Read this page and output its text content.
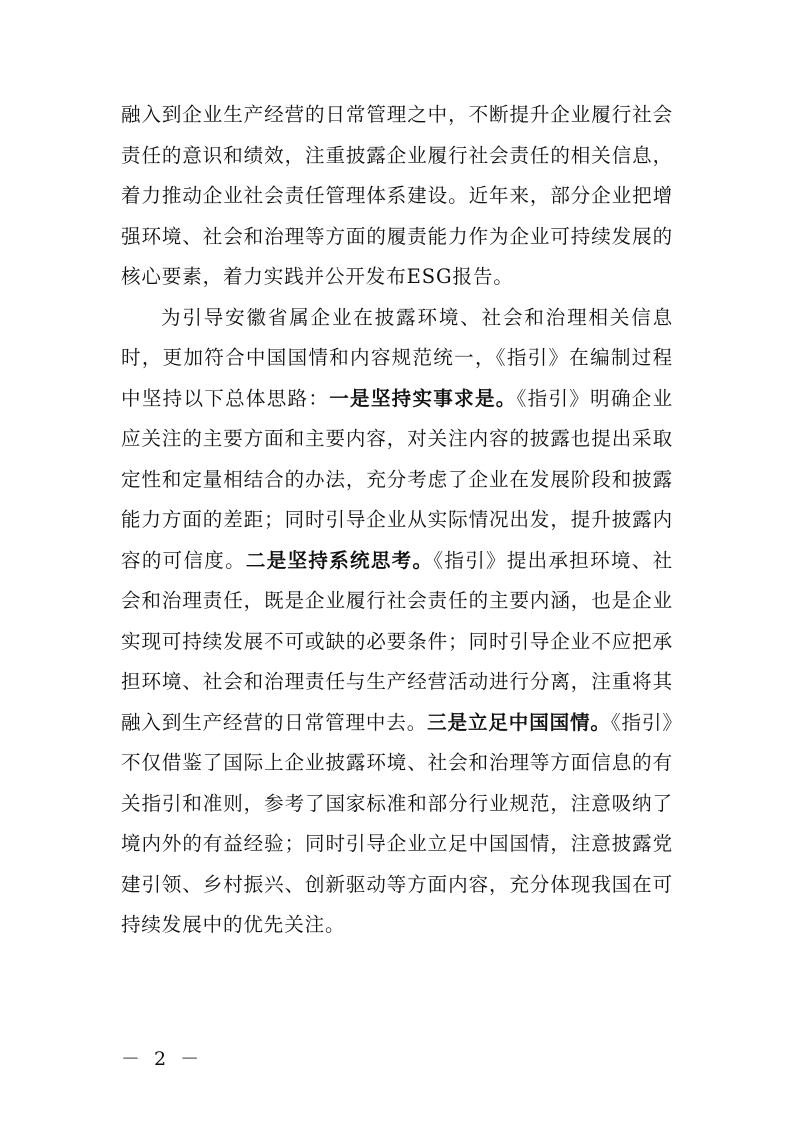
融入到企业生产经营的日常管理之中，不断提升企业履行社会责任的意识和绩效，注重披露企业履行社会责任的相关信息，着力推动企业社会责任管理体系建设。近年来，部分企业把增强环境、社会和治理等方面的履责能力作为企业可持续发展的核心要素，着力实践并公开发布ESG报告。

为引导安徽省属企业在披露环境、社会和治理相关信息时，更加符合中国国情和内容规范统一，《指引》在编制过程中坚持以下总体思路：一是坚持实事求是。《指引》明确企业应关注的主要方面和主要内容，对关注内容的披露也提出采取定性和定量相结合的办法，充分考虑了企业在发展阶段和披露能力方面的差距；同时引导企业从实际情况出发，提升披露内容的可信度。二是坚持系统思考。《指引》提出承担环境、社会和治理责任，既是企业履行社会责任的主要内涵，也是企业实现可持续发展不可或缺的必要条件；同时引导企业不应把承担环境、社会和治理责任与生产经营活动进行分离，注重将其融入到生产经营的日常管理中去。三是立足中国国情。《指引》不仅借鉴了国际上企业披露环境、社会和治理等方面信息的有关指引和准则，参考了国家标准和部分行业规范，注意吸纳了境内外的有益经验；同时引导企业立足中国国情，注意披露党建引领、乡村振兴、创新驱动等方面内容，充分体现我国在可持续发展中的优先关注。

－ 2 －
